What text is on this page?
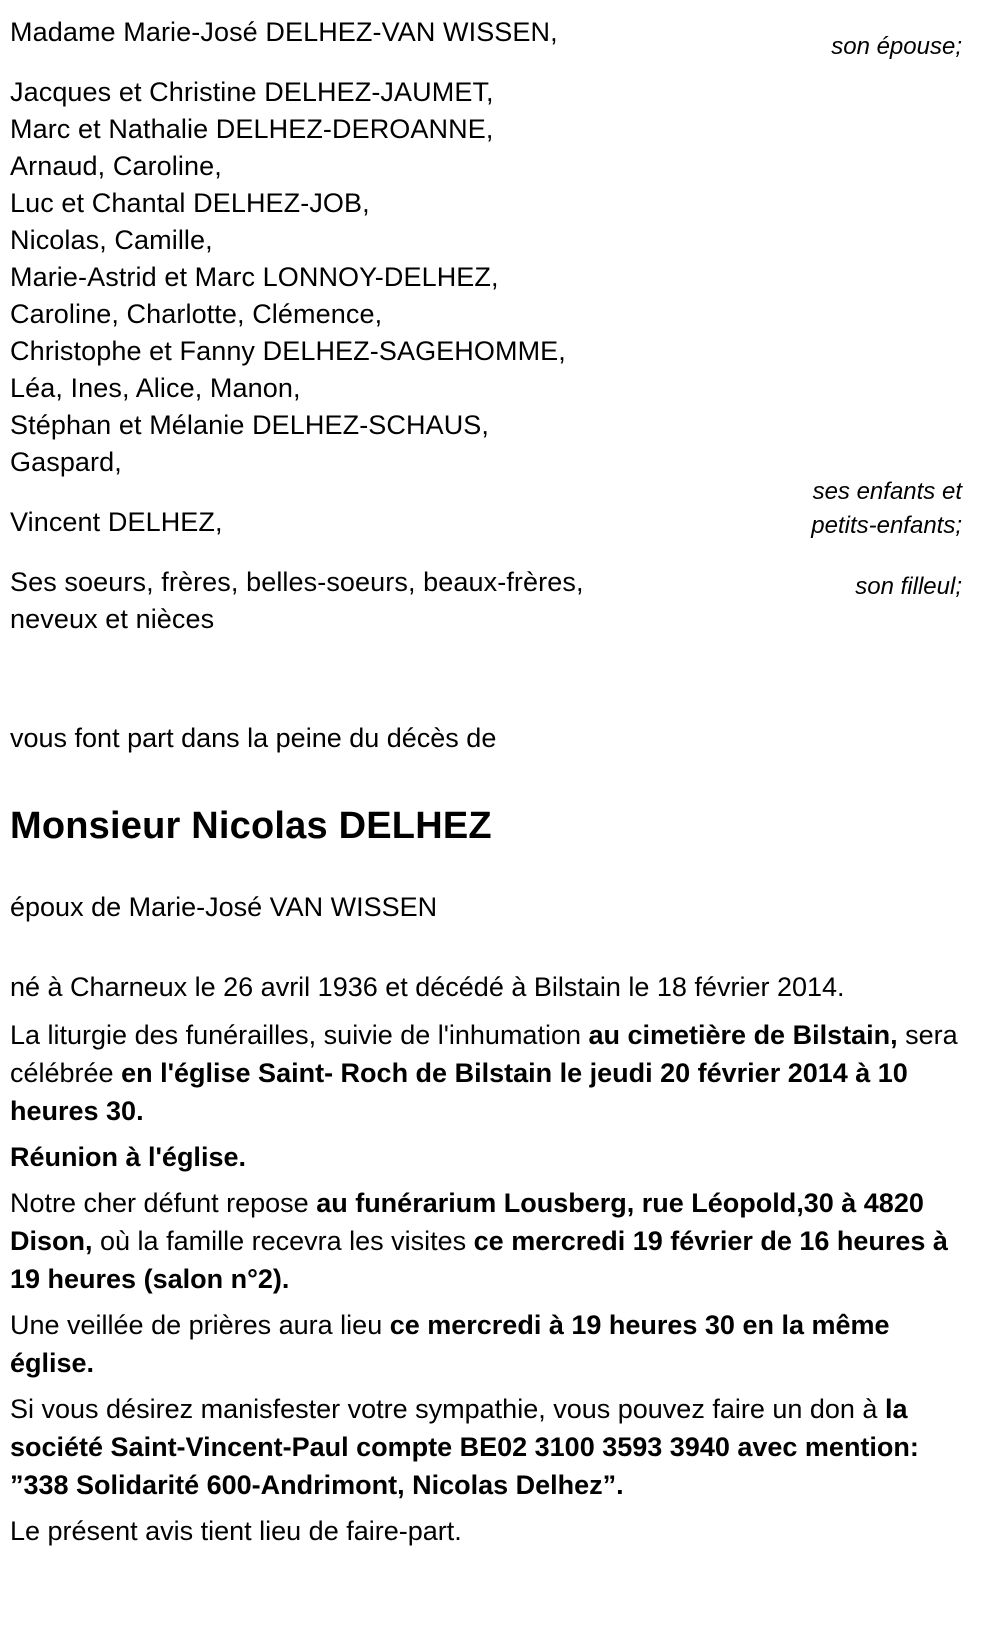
Madame Marie-José DELHEZ-VAN WISSEN,
Jacques et Christine DELHEZ-JAUMET,
Marc et Nathalie DELHEZ-DEROANNE,
Arnaud, Caroline,
Luc et Chantal DELHEZ-JOB,
Nicolas, Camille,
Marie-Astrid et Marc LONNOY-DELHEZ,
Caroline, Charlotte, Clémence,
Christophe et Fanny DELHEZ-SAGEHOMME,
Léa, Ines, Alice, Manon,
Stéphan et Mélanie DELHEZ-SCHAUS,
Gaspard,
Vincent DELHEZ,
Ses soeurs, frères, belles-soeurs, beaux-frères,
neveux et nièces
son épouse;
ses enfants et
petits-enfants;
son filleul;
vous font part dans la peine du décès de
Monsieur Nicolas DELHEZ
époux de Marie-José VAN WISSEN
né à Charneux le 26 avril 1936 et décédé à Bilstain le 18 février 2014.
La liturgie des funérailles, suivie de l'inhumation au cimetière de Bilstain, sera célébrée en l'église Saint- Roch de Bilstain le jeudi 20 février 2014 à 10 heures 30.
Réunion à l'église.
Notre cher défunt repose au funérarium Lousberg, rue Léopold,30 à 4820 Dison, où la famille recevra les visites ce mercredi 19 février de 16 heures à 19 heures (salon n°2).
Une veillée de prières aura lieu ce mercredi à 19 heures 30 en la même église.
Si vous désirez manisfester votre sympathie, vous pouvez faire un don à la société Saint-Vincent-Paul compte BE02 3100 3593 3940 avec mention: ”338 Solidarité 600-Andrimont, Nicolas Delhez”.
Le présent avis tient lieu de faire-part.
